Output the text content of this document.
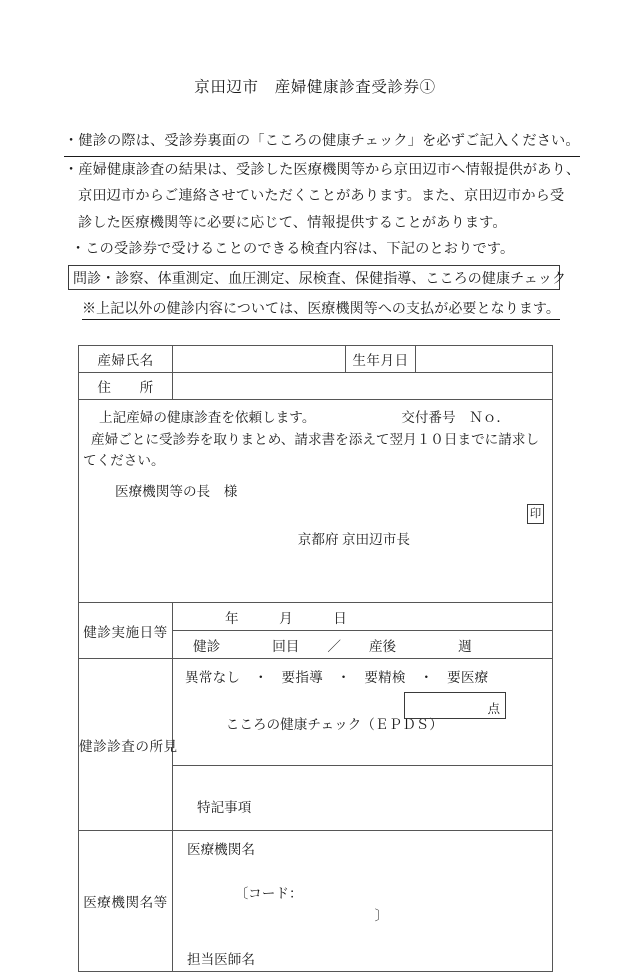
京田辺市　産婦健康診査受診券①

・健診の際は、受診券裏面の「こころの健康チェック」を必ずご記入ください。

・産婦健康診査の結果は、受診した医療機関等から京田辺市へ情報提供があり、

京田辺市からご連絡させていただくことがあります。また、京田辺市から受

診した医療機関等に必要に応じて、情報提供することがあります。

・この受診券で受けることのできる検査内容は、下記のとおりです。

問診・診察、体重測定、血圧測定、尿検査、保健指導、こころの健康チェック
※上記以外の健診内容については、医療機関等への支払が必要となります。
産婦氏名		生年月日	
住　　所			

上記産婦の健康診査を依頼します。	交付番号　Ｎｏ．
産婦ごとに受診券を取りまとめ、請求書を添えて翌月１０日までに請求し
てください。
医療機関等の長　様

京都府 京田辺市長

印

健診実施日等	年 月 日		

	健診 回目 ／ 産後 週		

健診診査の所見	異常なし　・　要指導　・　要精検　・　要医療

こころの健康チェック（ＥＰＤＳ）

点		

	特記事項		

医療機関名等	医療機関名

〔コード：
〕

担当医師名		
